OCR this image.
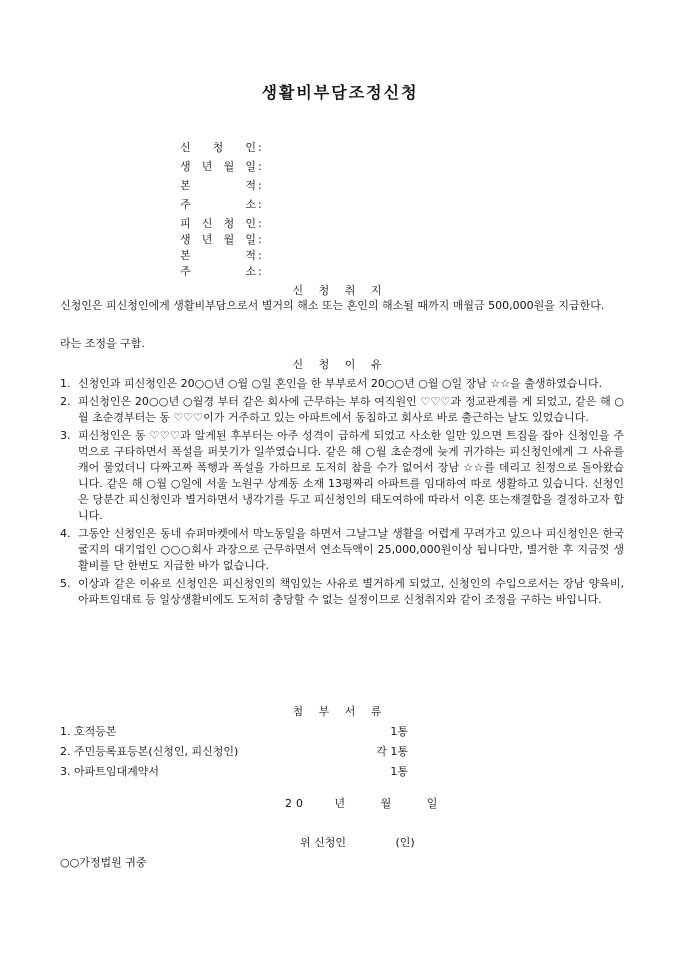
생활비부담조정신청
신 청 인 :
생 년 월 일 :
본 적 :
주 소 :
피 신 청 인 :
생 년 월 일 :
본 적 :
주 소 :
신 청 취 지
신청인은 피신청인에게 생활비부담으로서 별거의 해소 또는 혼인의 해소될 때까지 매월금 500,000원을 지급한다.
라는 조정을 구함.
신 청 이 유
1. 신청인과 피신청인은 20○○년 ○월 ○일 혼인을 한 부부로서 20○○년 ○월 ○일 장남 ☆☆을 출생하였습니다.
2. 피신청인은 20○○년 ○월경 부터 같은 회사에 근무하는 부하 여직원인 ♡♡♡과 정교관계를 게 되었고, 같은 해 ○월 초순경부터는 동 ♡♡♡이가 거주하고 있는 아파트에서 동침하고 회사로 바로 출근하는 날도 있었습니다.
3. 피신청인은 동 ♡♡♡과 알게된 후부터는 아주 성격이 급하게 되었고 사소한 일만 있으면 트집을 잡아 신청인을 주먹으로 구타하면서 폭설을 퍼붓기가 일쑤였습니다. 같은 해 ○월 초순경에 늦게 귀가하는 피신청인에게 그 사유를 캐어 물었더니 다짜고짜 폭행과 폭설을 가하므로 도저히 참을 수가 없어서 장남 ☆☆를 데리고 친정으로 돌아왔습니다. 같은 해 ○월 ○일에 서울 노원구 상계동 소재 13평짜리 아파트를 임대하여 따로 생활하고 있습니다. 신청인은 당분간 피신청인과 별거하면서 냉각기를 두고 피신청인의 태도여하에 따라서 이혼 또는재결합을 결정하고자 합니다.
4. 그동안 신청인은 동네 슈퍼마켓에서 막노동일을 하면서 그날그날 생활을 어렵게 꾸려가고 있으나 피신청인은 한국 굴지의 대기업인 ○○○회사 과장으로 근무하면서 연소득액이 25,000,000원이상 됩니다만, 별거한 후 지금껏 생활비를 단 한번도 지급한 바가 없습니다.
5. 이상과 같은 이유로 신청인은 피신청인의 책임있는 사유로 별거하게 되었고, 신청인의 수입으로서는 장남 양육비, 아파트임대료 등 일상생활비에도 도저히 충당할 수 없는 실정이므로 신청취지와 같이 조정을 구하는 바입니다.
첨 부 서 류
1. 호적등본	1통
2. 주민등록표등본(신청인, 피신청인)	각 1통
3. 아파트임대계약서	1통
20	년	월	일
위 신청인	(인)
○○가정법원 귀중
